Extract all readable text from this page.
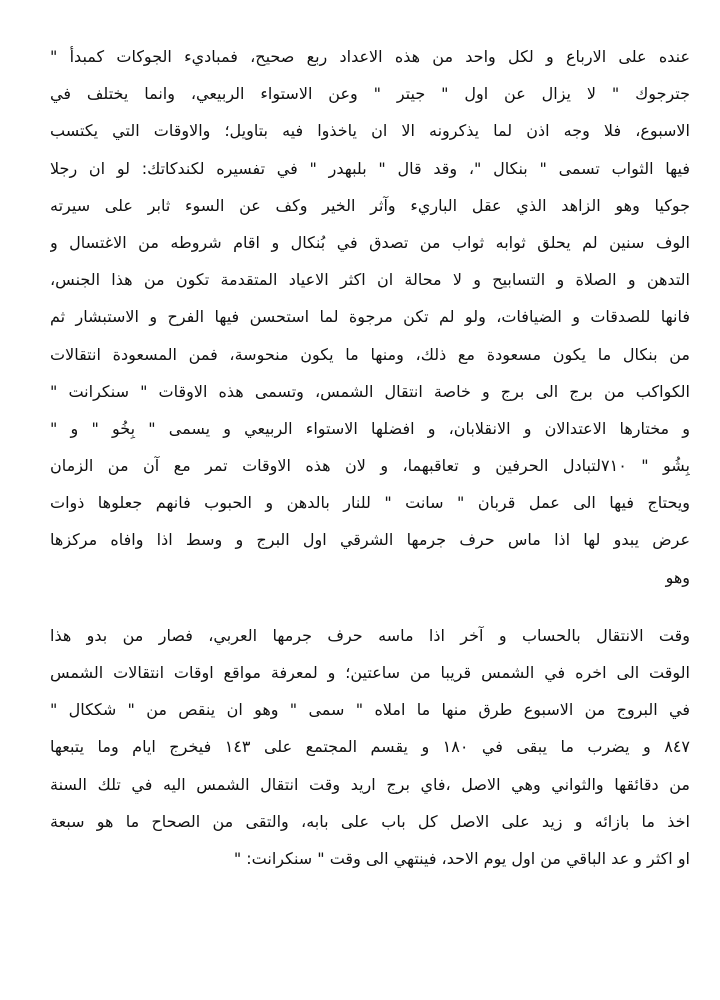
عنده على الارباع و لكل واحد من هذه الاعداد ربع صحيح، فمباديء الجوكات كمبدأ "
جترجوك " لا يزال عن اول " جيتر " وعن الاستواء الربيعي، وانما يختلف في
الاسبوع، فلا وجه اذن لما يذكرونه الا ان ياخذوا فيه بتاويل؛ والاوقات التي يكتسب
فيها الثواب تسمى " بنكال "، وقد قال " بلبهدر " في تفسيره لكندكاتك: لو ان رجلا
جوكيا وهو الزاهد الذي عقل الباريء وآثر الخير وكف عن السوء ثابر على سيرته
الوف سنين لم يحلق ثوابه ثواب من تصدق في بُنكال و اقام شروطه من الاغتسال و
التدهن و الصلاة و التسابيح و لا محالة ان اكثر الاعياد المتقدمة تكون من هذا الجنس،
فانها للصدقات و الضيافات، ولو لم تكن مرجوة لما استحسن فيها الفرح و الاستبشار ثم
من بنكال ما يكون مسعودة مع ذلك، ومنها ما يكون منحوسة، فمن المسعودة انتقالات
الكواكب من برج الى برج و خاصة انتقال الشمس، وتسمى هذه الاوقات " سنكرانت "
و مختارها الاعتدالان و الانقلابان، و افضلها الاستواء الربيعي و يسمى " بِخُو " و "
بِشُو " ٧١٠لتبادل الحرفين و تعاقبهما، و لان هذه الاوقات تمر مع آن من الزمان
ويحتاج فيها الى عمل قربان " سانت " للنار بالدهن و الحبوب فانهم جعلوها ذوات
عرض يبدو لها اذا ماس حرف جرمها الشرقي اول البرج و وسط اذا وافاه مركزها
وهو
وقت الانتقال بالحساب و آخر اذا ماسه حرف جرمها العربي، فصار من بدو هذا
الوقت الى اخره في الشمس قريبا من ساعتين؛ و لمعرفة مواقع اوقات انتقالات الشمس
في البروج من الاسبوع طرق منها ما املاه " سمى " وهو ان ينقص من " شككال "
٨٤٧ و يضرب ما يبقى في ١٨٠ و يقسم المجتمع على ١٤٣ فيخرج ايام وما يتبعها
من دقائقها والثواني وهي الاصل ،فاي برج اريد وقت انتقال الشمس اليه في تلك السنة
اخذ ما بازائه و زيد على الاصل كل باب على بابه، والتقى من الصحاح ما هو سبعة
او اكثر و عد الباقي من اول يوم الاحد، فينتهي الى وقت " سنكرانت: "
